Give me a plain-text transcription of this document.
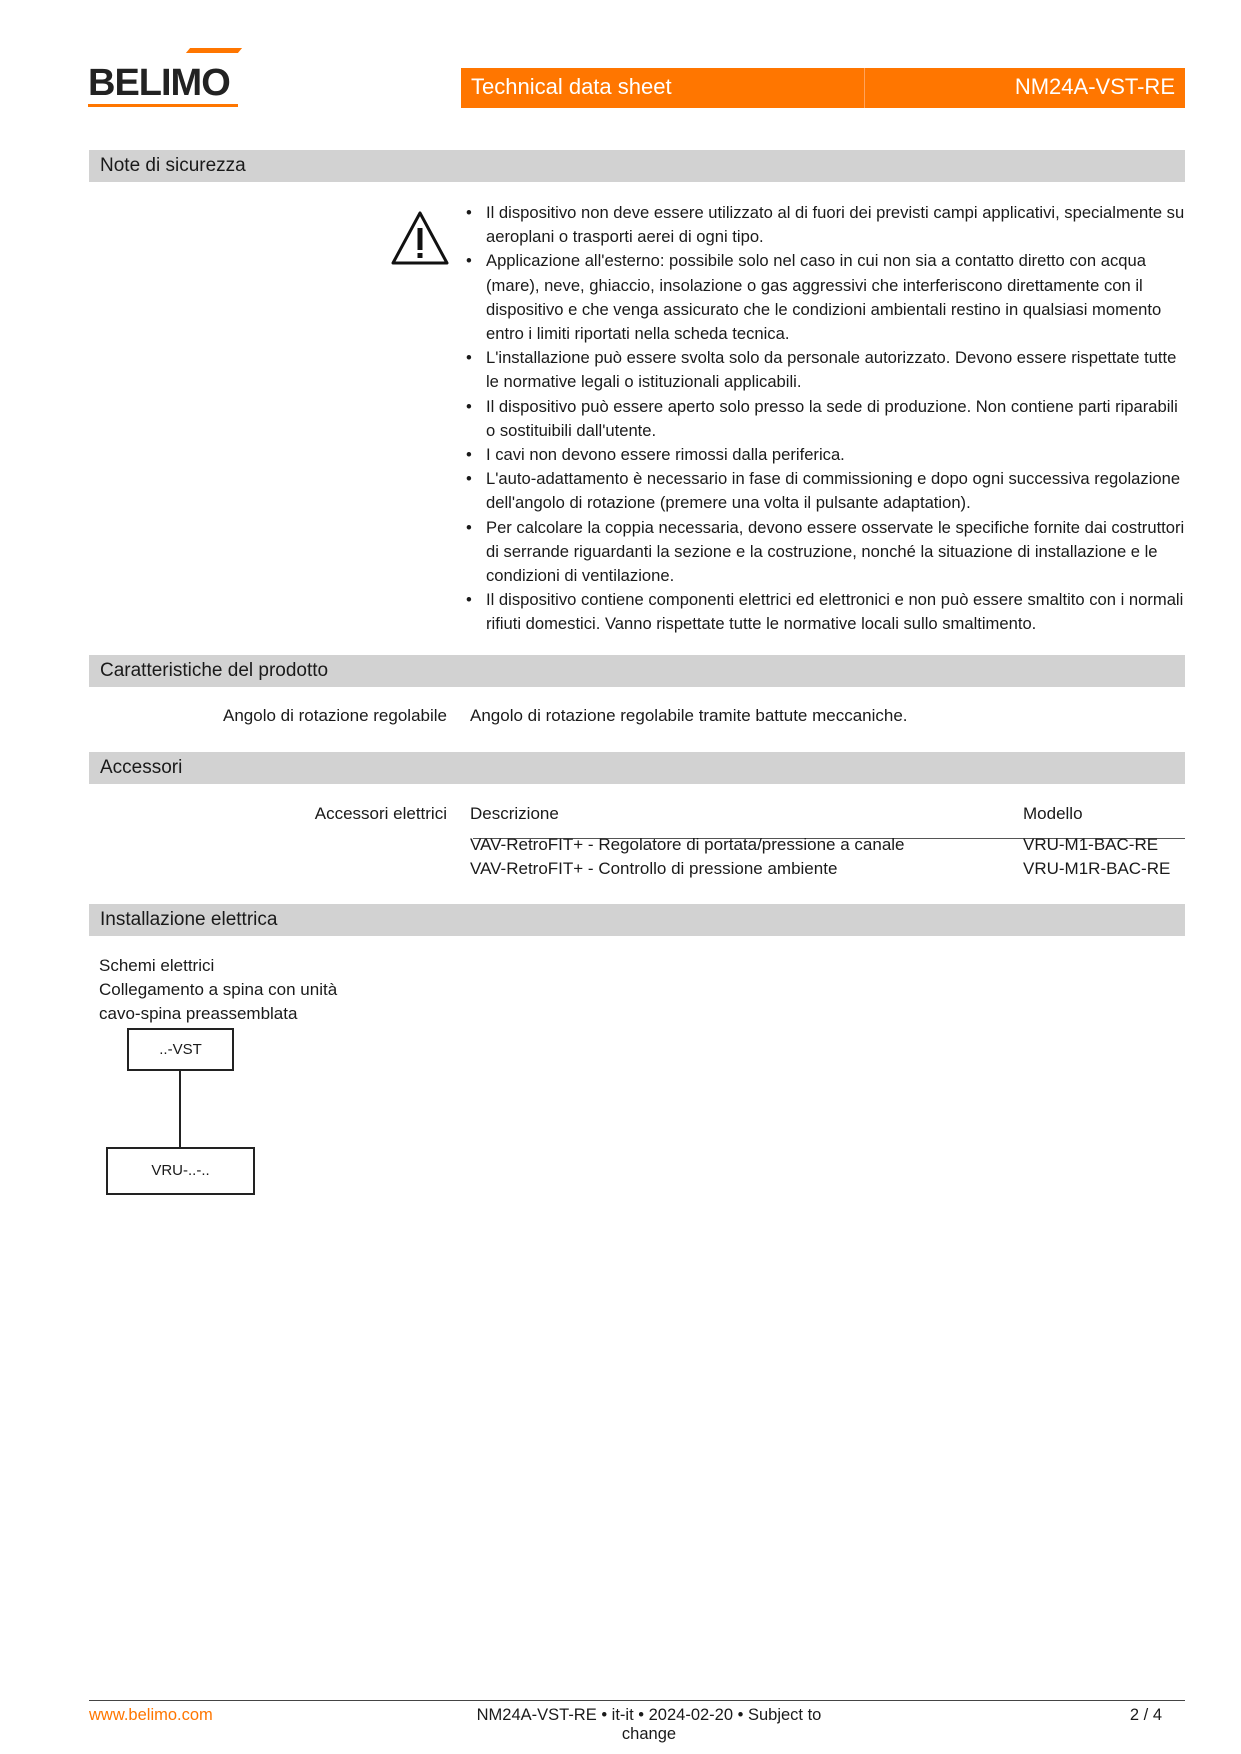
BELIMO	Technical data sheet	NM24A-VST-RE
Note di sicurezza
• Il dispositivo non deve essere utilizzato al di fuori dei previsti campi applicativi, specialmente su aeroplani o trasporti aerei di ogni tipo.
• Applicazione all'esterno: possibile solo nel caso in cui non sia a contatto diretto con acqua (mare), neve, ghiaccio, insolazione o gas aggressivi che interferiscono direttamente con il dispositivo e che venga assicurato che le condizioni ambientali restino in qualsiasi momento entro i limiti riportati nella scheda tecnica.
• L'installazione può essere svolta solo da personale autorizzato. Devono essere rispettate tutte le normative legali o istituzionali applicabili.
• Il dispositivo può essere aperto solo presso la sede di produzione. Non contiene parti riparabili o sostituibili dall'utente.
• I cavi non devono essere rimossi dalla periferica.
• L'auto-adattamento è necessario in fase di commissioning e dopo ogni successiva regolazione dell'angolo di rotazione (premere una volta il pulsante adaptation).
• Per calcolare la coppia necessaria, devono essere osservate le specifiche fornite dai costruttori di serrande riguardanti la sezione e la costruzione, nonché la situazione di installazione e le condizioni di ventilazione.
• Il dispositivo contiene componenti elettrici ed elettronici e non può essere smaltito con i normali rifiuti domestici. Vanno rispettate tutte le normative locali sullo smaltimento.
Caratteristiche del prodotto
Angolo di rotazione regolabile Angolo di rotazione regolabile tramite battute meccaniche.
Accessori
Accessori elettrici Descrizione	Modello
VAV-RetroFIT+ - Regolatore di portata/pressione a canale	VRU-M1-BAC-RE
VAV-RetroFIT+ - Controllo di pressione ambiente	VRU-M1R-BAC-RE
Installazione elettrica
Schemi elettrici
Collegamento a spina con unità
cavo-spina preassemblata
..-VST
VRU-..-..
www.belimo.com	NM24A-VST-RE • it-it • 2024-02-20 • Subject to change
2 / 4
